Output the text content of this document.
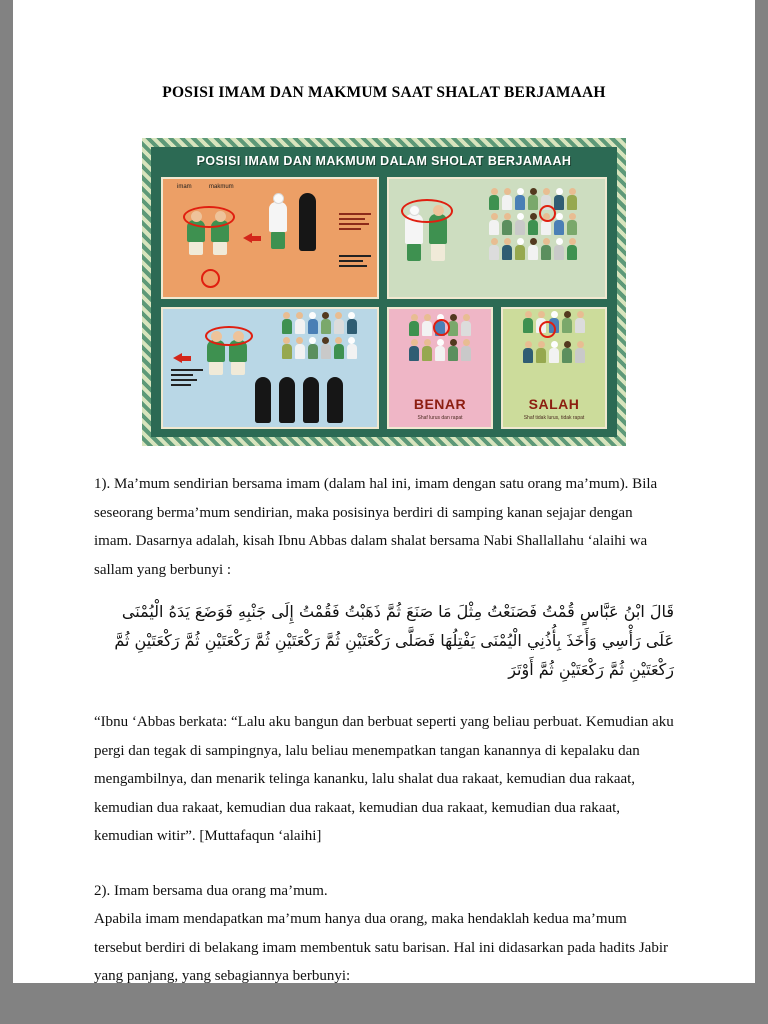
POSISI IMAM DAN MAKMUM SAAT SHALAT BERJAMAAH
POSISI IMAM DAN MAKMUM DALAM SHOLAT BERJAMAAH
imam	makmum
BENAR
Shaf lurus dan rapat
SALAH
Shaf tidak lurus, tidak rapat

1). Ma’mum sendirian bersama imam (dalam hal ini, imam dengan satu orang ma’mum). Bila seseorang berma’mum sendirian, maka posisinya berdiri di samping kanan sejajar dengan imam. Dasarnya adalah, kisah Ibnu Abbas dalam shalat bersama Nabi Shallallahu ‘alaihi wa sallam yang berbunyi :

قَالَ ابْنُ عَبَّاسٍ قُمْتُ فَصَنَعْتُ مِثْلَ مَا صَنَعَ ثُمَّ ذَهَبْتُ فَقُمْتُ إِلَى جَنْبِهِ فَوَضَعَ يَدَهُ الْيُمْنَى عَلَى رَأْسِي وَأَخَذَ بِأُذُنِي الْيُمْنَى يَفْتِلُهَا فَصَلَّى رَكْعَتَيْنِ ثُمَّ رَكْعَتَيْنِ ثُمَّ رَكْعَتَيْنِ ثُمَّ رَكْعَتَيْنِ ثُمَّ رَكْعَتَيْنِ ثُمَّ رَكْعَتَيْنِ ثُمَّ أَوْتَرَ

“Ibnu ‘Abbas berkata: “Lalu aku bangun dan berbuat seperti yang beliau perbuat. Kemudian aku pergi dan tegak di sampingnya, lalu beliau menempatkan tangan kanannya di kepalaku dan mengambilnya, dan menarik telinga kananku, lalu shalat dua rakaat, kemudian dua rakaat, kemudian dua rakaat, kemudian dua rakaat, kemudian dua rakaat, kemudian dua rakaat, kemudian witir”. [Muttafaqun ‘alaihi]

2). Imam bersama dua orang ma’mum.

Apabila imam mendapatkan ma’mum hanya dua orang, maka hendaklah kedua ma’mum tersebut berdiri di belakang imam membentuk satu barisan. Hal ini didasarkan pada hadits Jabir yang panjang, yang sebagiannya berbunyi:
